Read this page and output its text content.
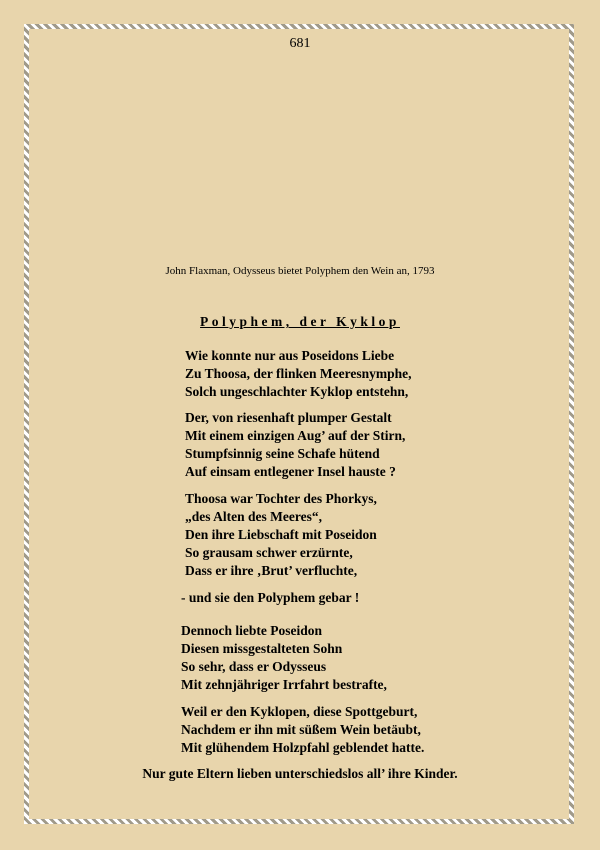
681
John Flaxman, Odysseus bietet Polyphem den Wein an, 1793
Polyphem, der Kyklop
Wie konnte nur aus Poseidons Liebe
Zu Thoosa, der flinken Meeresnymphe,
Solch ungeschlachter Kyklop entstehn,
Der, von riesenhaft plumper Gestalt
Mit einem einzigen Aug’ auf der Stirn,
Stumpfsinnig seine Schafe hütend
Auf einsam entlegener Insel hauste ?
Thoosa war Tochter des Phorkys,
„des Alten des Meeres“,
Den ihre Liebschaft mit Poseidon
So grausam schwer erzürnte,
Dass er ihre ‚Brut’ verfluchte,
- und sie den Polyphem gebar !
Dennoch liebte Poseidon
Diesen missgestalteten Sohn
So sehr, dass er Odysseus
Mit zehnjähriger Irrfahrt bestrafte,
Weil er den Kyklopen, diese Spottgeburt,
Nachdem er ihn mit süßem Wein betäubt,
Mit glühendem Holzpfahl geblendet hatte.
Nur gute Eltern lieben unterschiedslos all’ ihre Kinder.
